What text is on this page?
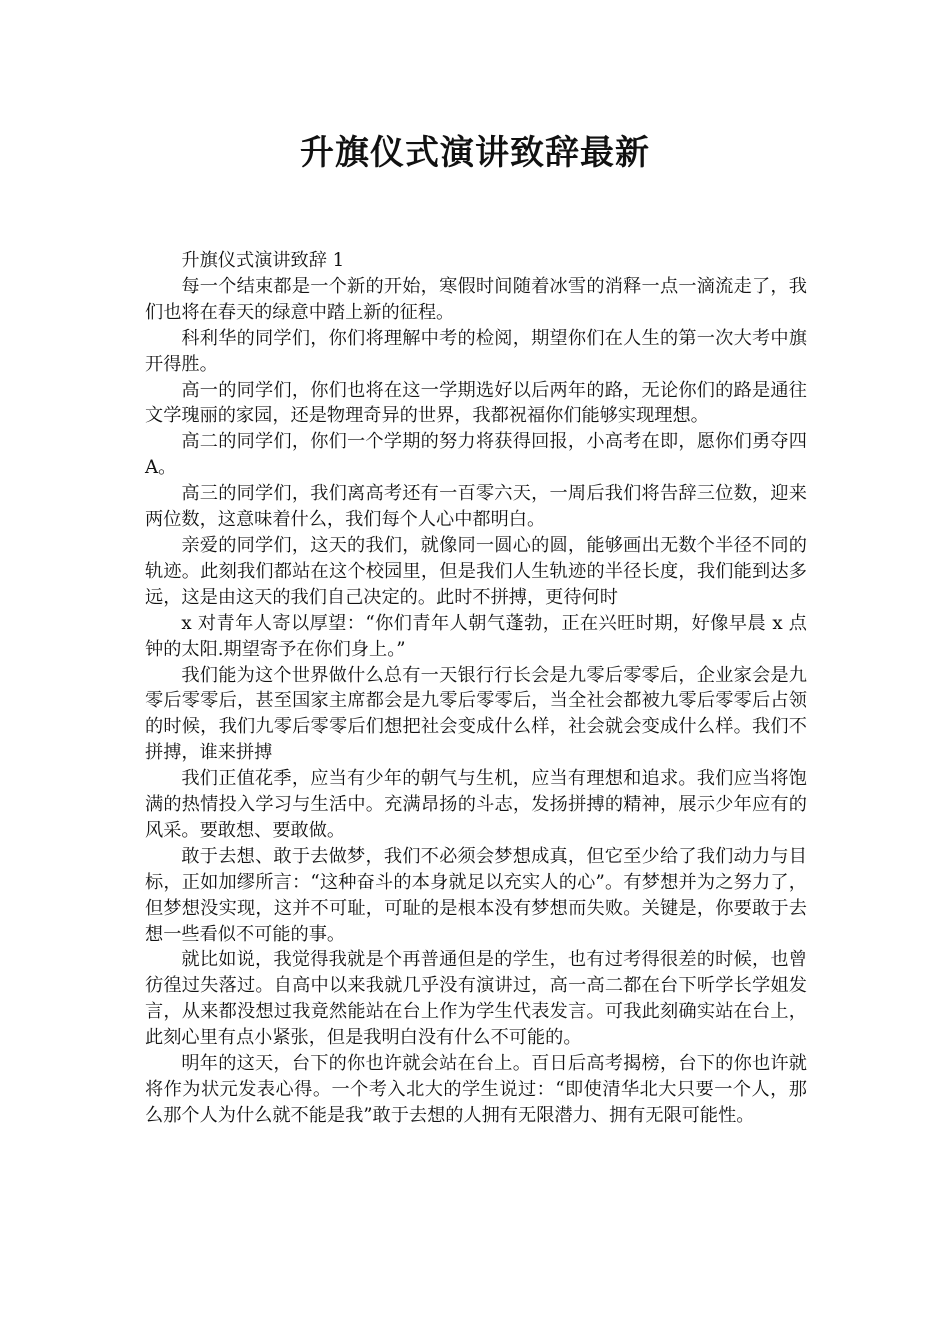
升旗仪式演讲致辞最新

升旗仪式演讲致辞 1

每一个结束都是一个新的开始，寒假时间随着冰雪的消释一点一滴流走了，我们也将在春天的绿意中踏上新的征程。

科利华的同学们，你们将理解中考的检阅，期望你们在人生的第一次大考中旗开得胜。

高一的同学们，你们也将在这一学期选好以后两年的路，无论你们的路是通往文学瑰丽的家园，还是物理奇异的世界，我都祝福你们能够实现理想。

高二的同学们，你们一个学期的努力将获得回报，小高考在即，愿你们勇夺四 A。

高三的同学们，我们离高考还有一百零六天，一周后我们将告辞三位数，迎来两位数，这意味着什么，我们每个人心中都明白。

亲爱的同学们，这天的我们，就像同一圆心的圆，能够画出无数个半径不同的轨迹。此刻我们都站在这个校园里，但是我们人生轨迹的半径长度，我们能到达多远，这是由这天的我们自己决定的。此时不拼搏，更待何时

x 对青年人寄以厚望：“你们青年人朝气蓬勃，正在兴旺时期，好像早晨 x 点钟的太阳.期望寄予在你们身上。”

我们能为这个世界做什么总有一天银行行长会是九零后零零后，企业家会是九零后零零后，甚至国家主席都会是九零后零零后，当全社会都被九零后零零后占领的时候，我们九零后零零后们想把社会变成什么样，社会就会变成什么样。我们不拼搏，谁来拼搏

我们正值花季，应当有少年的朝气与生机，应当有理想和追求。我们应当将饱满的热情投入学习与生活中。充满昂扬的斗志，发扬拼搏的精神，展示少年应有的风采。要敢想、要敢做。

敢于去想、敢于去做梦，我们不必须会梦想成真，但它至少给了我们动力与目标，正如加缪所言：“这种奋斗的本身就足以充实人的心”。有梦想并为之努力了，但梦想没实现，这并不可耻，可耻的是根本没有梦想而失败。关键是，你要敢于去想一些看似不可能的事。

就比如说，我觉得我就是个再普通但是的学生，也有过考得很差的时候，也曾彷徨过失落过。自高中以来我就几乎没有演讲过，高一高二都在台下听学长学姐发言，从来都没想过我竟然能站在台上作为学生代表发言。可我此刻确实站在台上，此刻心里有点小紧张，但是我明白没有什么不可能的。

明年的这天，台下的你也许就会站在台上。百日后高考揭榜，台下的你也许就将作为状元发表心得。一个考入北大的学生说过：“即使清华北大只要一个人，那么那个人为什么就不能是我”敢于去想的人拥有无限潜力、拥有无限可能性。
